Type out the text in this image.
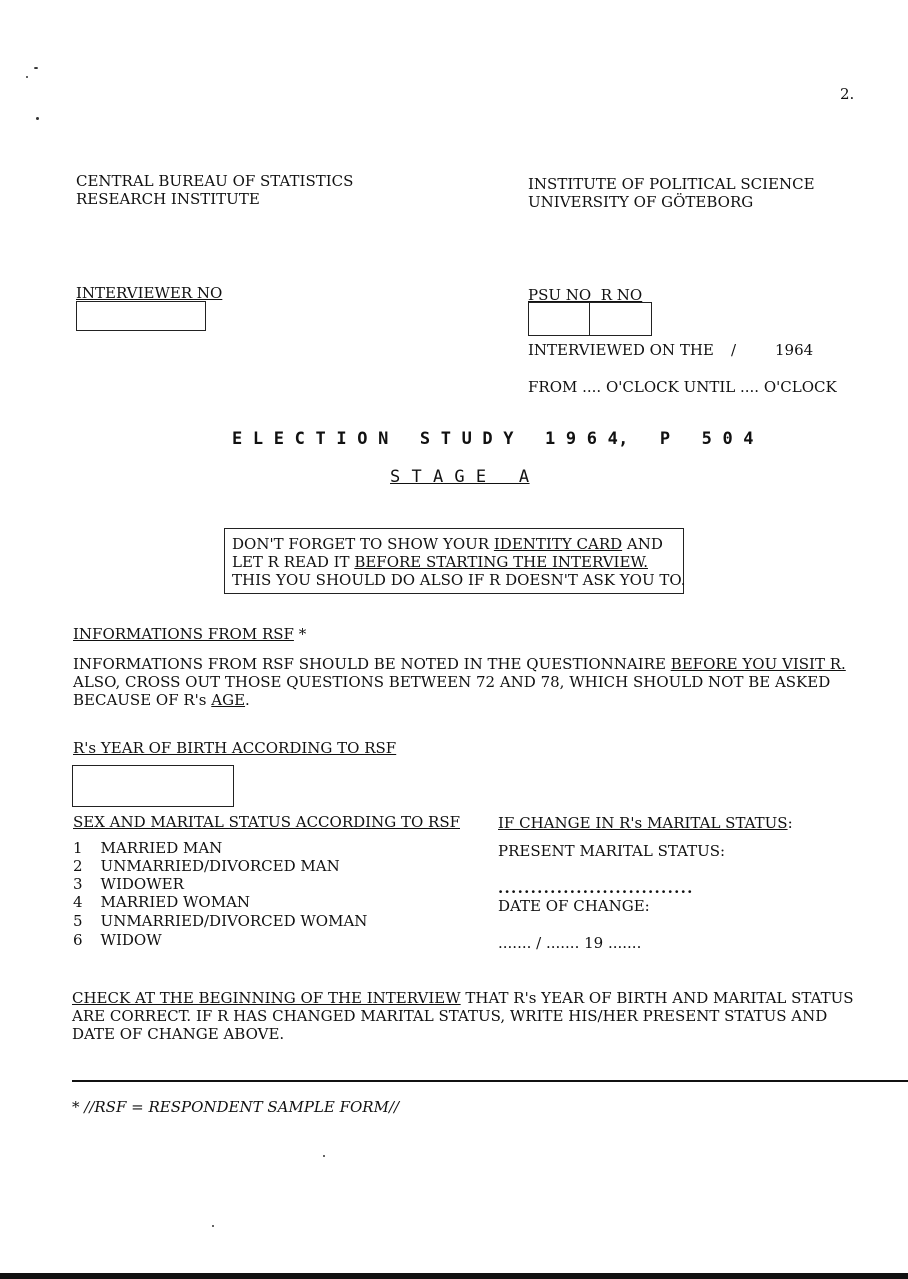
2.
CENTRAL BUREAU OF STATISTICS
RESEARCH INSTITUTE
INSTITUTE OF POLITICAL SCIENCE
UNIVERSITY OF GÖTEBORG
INTERVIEWER NO	PSU NO  R NO
INTERVIEWED ON THE /	1964
FROM .... O'CLOCK UNTIL .... O'CLOCK
E L E C T I O N   S T U D Y   1 9 6 4,   P   5 0 4
S T A G E   A
DON'T FORGET TO SHOW YOUR IDENTITY CARD AND
LET R READ IT BEFORE STARTING THE INTERVIEW.
THIS YOU SHOULD DO ALSO IF R DOESN'T ASK YOU TO.
INFORMATIONS FROM RSF *
INFORMATIONS FROM RSF SHOULD BE NOTED IN THE QUESTIONNAIRE BEFORE YOU VISIT R.
ALSO, CROSS OUT THOSE QUESTIONS BETWEEN 72 AND 78, WHICH SHOULD NOT BE ASKED
BECAUSE OF R's AGE.
R's YEAR OF BIRTH ACCORDING TO RSF
SEX AND MARITAL STATUS ACCORDING TO RSF
1 MARRIED MAN
2 UNMARRIED/DIVORCED MAN
3 WIDOWER
4 MARRIED WOMAN
5 UNMARRIED/DIVORCED WOMAN
6 WIDOW
IF CHANGE IN R's MARITAL STATUS:
PRESENT MARITAL STATUS:
..............................
DATE OF CHANGE:
....... / ....... 19 .......
CHECK AT THE BEGINNING OF THE INTERVIEW THAT R's YEAR OF BIRTH AND MARITAL STATUS
ARE CORRECT. IF R HAS CHANGED MARITAL STATUS, WRITE HIS/HER PRESENT STATUS AND
DATE OF CHANGE ABOVE.
* //RSF = RESPONDENT SAMPLE FORM//
